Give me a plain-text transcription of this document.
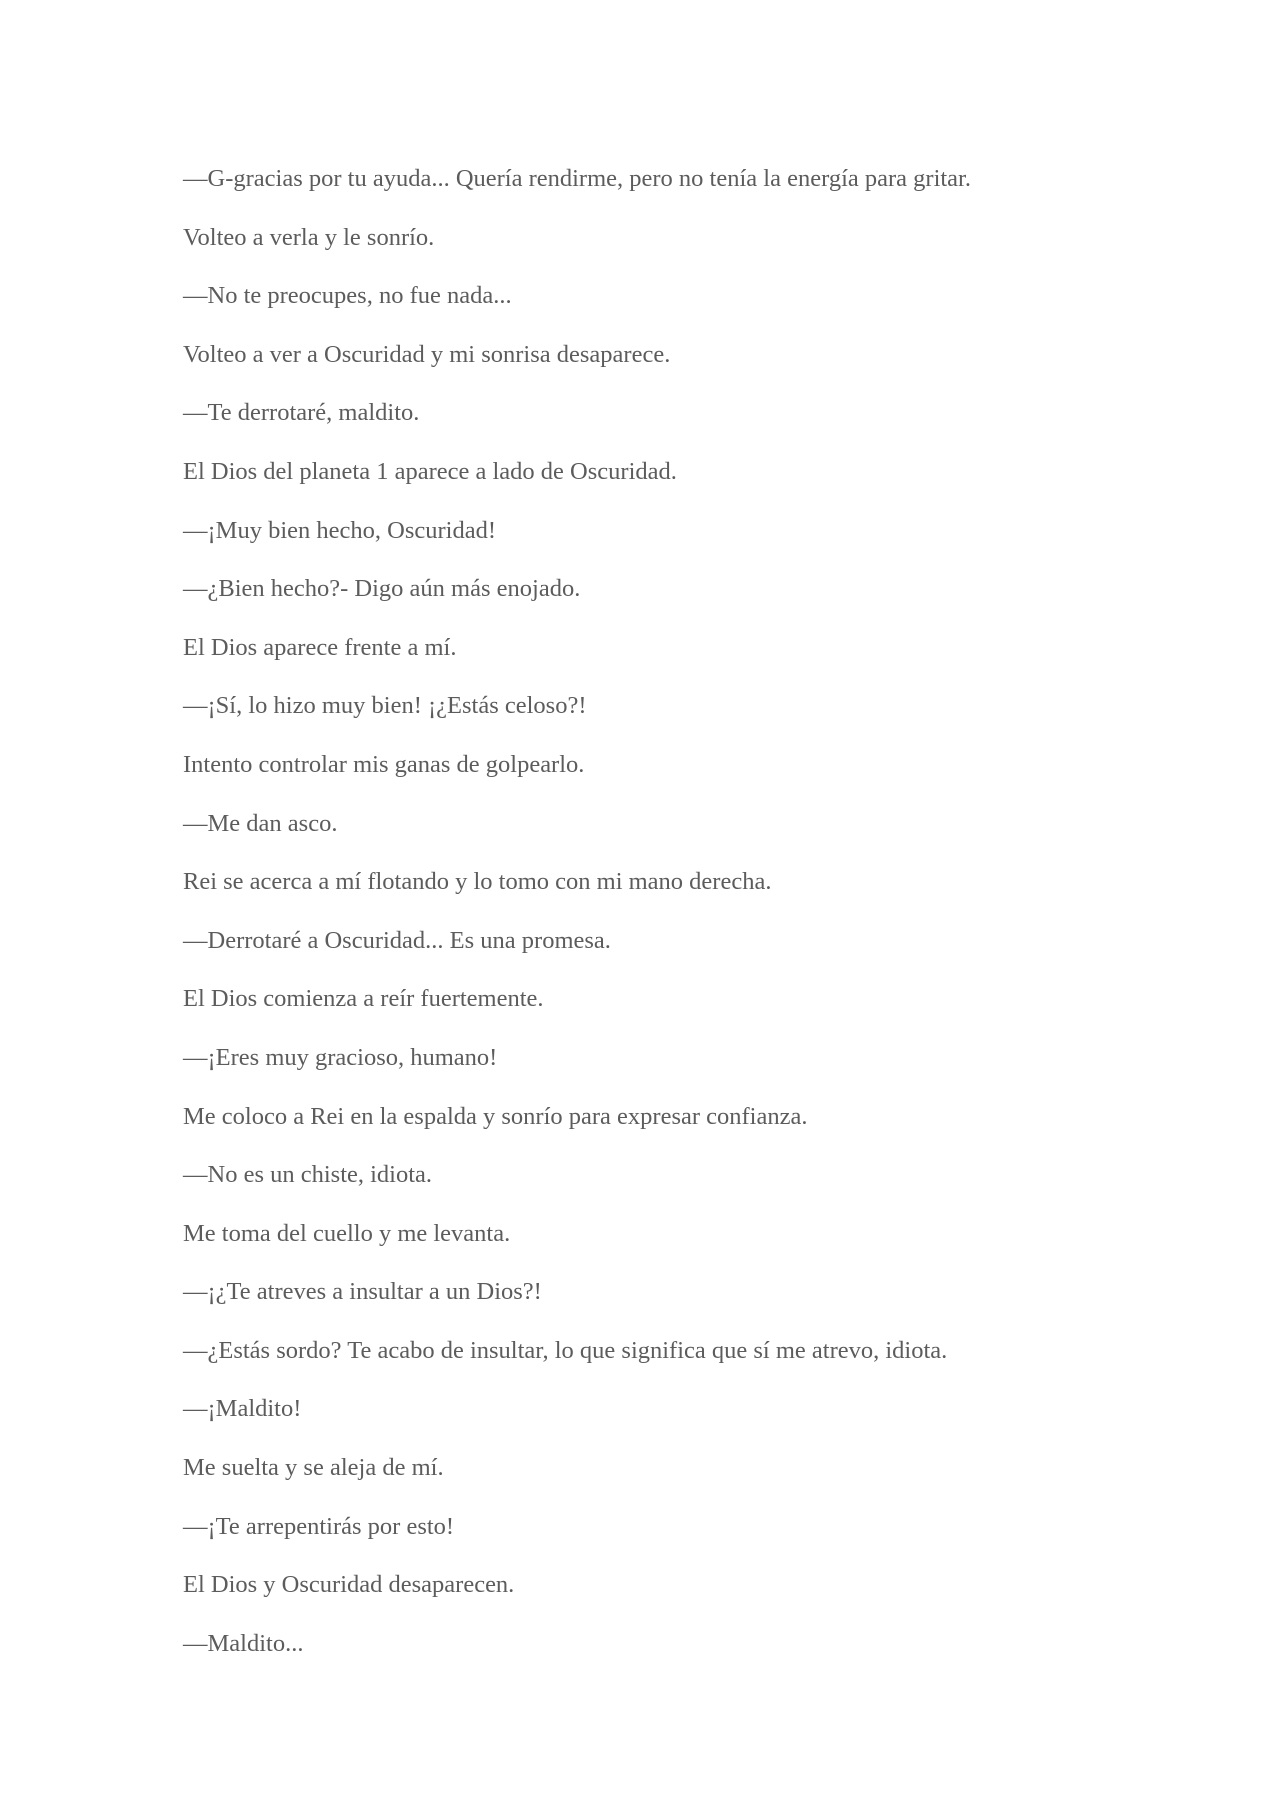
—G-gracias por tu ayuda... Quería rendirme, pero no tenía la energía para gritar.

Volteo a verla y le sonrío.

—No te preocupes, no fue nada...

Volteo a ver a Oscuridad y mi sonrisa desaparece.

—Te derrotaré, maldito.

El Dios del planeta 1 aparece a lado de Oscuridad.

—¡Muy bien hecho, Oscuridad!

—¿Bien hecho?- Digo aún más enojado.

El Dios aparece frente a mí.

—¡Sí, lo hizo muy bien! ¡¿Estás celoso?!

Intento controlar mis ganas de golpearlo.

—Me dan asco.

Rei se acerca a mí flotando y lo tomo con mi mano derecha.

—Derrotaré a Oscuridad... Es una promesa.

El Dios comienza a reír fuertemente.

—¡Eres muy gracioso, humano!

Me coloco a Rei en la espalda y sonrío para expresar confianza.

—No es un chiste, idiota.

Me toma del cuello y me levanta.

—¡¿Te atreves a insultar a un Dios?!

—¿Estás sordo? Te acabo de insultar, lo que significa que sí me atrevo, idiota.

—¡Maldito!

Me suelta y se aleja de mí.

—¡Te arrepentirás por esto!

El Dios y Oscuridad desaparecen.

—Maldito...
